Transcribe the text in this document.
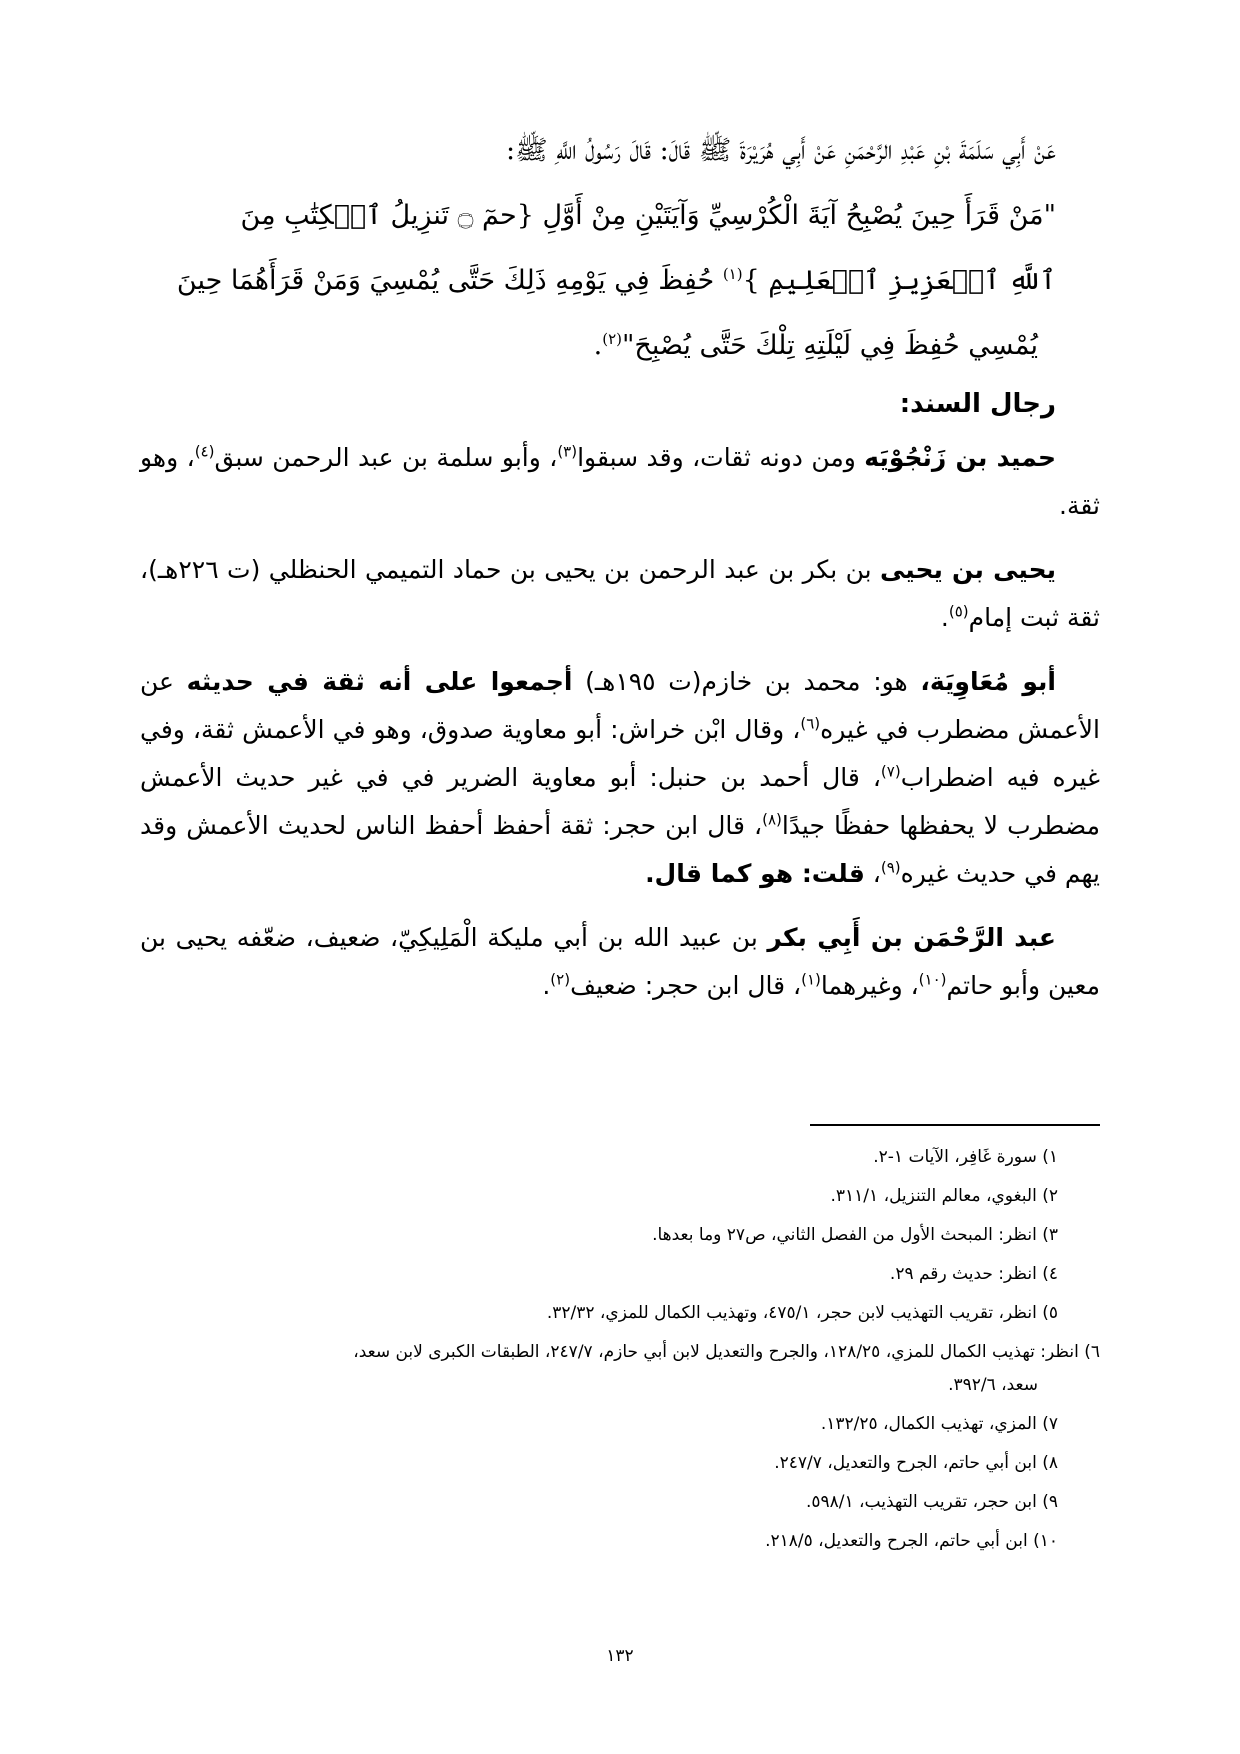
عَنْ أَبِي سَلَمَةَ بْنِ عَبْدِ الرَّحْمَنِ عَنْ أَبِي هُرَيْرَةَ ﷺ قَالَ: قَالَ رَسُولُ اللَّهِ ﷺ:
"مَنْ قَرَأَ حِينَ يُصْبِحُ آيَةَ الْكُرْسِيِّ وَآيَتَيْنِ مِنْ أَوَّلِ {حمٓ ۝ تَنزِيلُ ٱلۡكِتَٰبِ مِنَ
ٱللَّهِ ٱلۡعَزِيزِ ٱلۡعَلِيمِ }$^{(١)}$ حُفِظَ فِي يَوْمِهِ ذَلِكَ حَتَّى يُمْسِيَ وَمَنْ قَرَأَهُمَا حِينَ
يُمْسِي حُفِظَ فِي لَيْلَتِهِ تِلْكَ حَتَّى يُصْبِحَ"$^{(٢)}$.
رجال السند:

حميد بن زَنْجُوْيَه ومن دونه ثقات، وقد سبقوا$^{(٣)}$، وأبو سلمة بن عبد الرحمن سبق$^{(٤)}$، وهو ثقة.

يحيى بن يحيى بن بكر بن عبد الرحمن بن يحيى بن حماد التميمي الحنظلي (ت ٢٢٦هـ)، ثقة ثبت إمام$^{(٥)}$.

أبو مُعَاوِيَة، هو: محمد بن خازم(ت ١٩٥هـ) أجمعوا على أنه ثقة في حديثه عن الأعمش مضطرب في غيره$^{(٦)}$، وقال ابْن خراش: أبو معاوية صدوق، وهو في الأعمش ثقة، وفي غيره فيه اضطراب$^{(٧)}$، قال أحمد بن حنبل: أبو معاوية الضرير في في غير حديث الأعمش مضطرب لا يحفظها حفظًا جيدًا$^{(٨)}$، قال ابن حجر: ثقة أحفظ أحفظ الناس لحديث الأعمش وقد يهم في حديث غيره$^{(٩)}$، قلت: هو كما قال.

عبد الرَّحْمَن بن أَبِي بكر بن عبيد الله بن أبي مليكة الْمَلِيكِيّ، ضعيف، ضعّفه يحيى بن معين وأبو حاتم$^{(١٠)}$، وغيرهما$^{(١)}$، قال ابن حجر: ضعيف$^{(٢)}$.

١) سورة غَافِر، الآيات ١-٢.
٢) البغوي، معالم التنزيل، ٣١١/١.
٣) انظر: المبحث الأول من الفصل الثاني، ص٢٧ وما بعدها.
٤) انظر: حديث رقم ٢٩.
٥) انظر، تقريب التهذيب لابن حجر، ٤٧٥/١، وتهذيب الكمال للمزي، ٣٢/٣٢.
٦) انظر: تهذيب الكمال للمزي، ١٢٨/٢٥، والجرح والتعديل لابن أبي حازم، ٢٤٧/٧، الطبقات الكبرى لابن سعد،
سعد، ٣٩٢/٦.
٧) المزي، تهذيب الكمال، ١٣٢/٢٥.
٨) ابن أبي حاتم، الجرح والتعديل، ٢٤٧/٧.
٩) ابن حجر، تقريب التهذيب، ٥٩٨/١.
١٠) ابن أبي حاتم، الجرح والتعديل، ٢١٨/٥.
١٣٢
